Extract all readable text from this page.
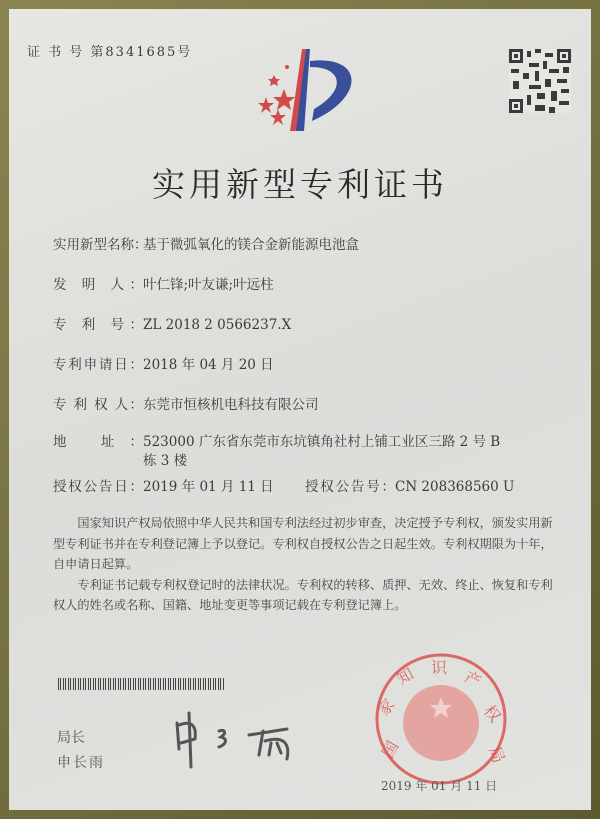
证 书 号 第8341685号
实用新型专利证书
实用新型名称：基于微弧氧化的镁合金新能源电池盒
发 明 人：叶仁锋;叶友谦;叶远柱
专 利 号：ZL 2018 2 0566237.X
专利申请日：2018 年 04 月 20 日
专 利 权 人：东莞市恒核机电科技有限公司
地 址：523000 广东省东莞市东坑镇角社村上铺工业区三路 2 号 B
栋 3 楼
授权公告日：2019 年 01 月 11 日 授权公告号：CN 208368560 U

国家知识产权局依照中华人民共和国专利法经过初步审查，决定授予专利权，颁发实用新型专利证书并在专利登记簿上予以登记。专利权自授权公告之日起生效。专利权期限为十年，自申请日起算。

专利证书记载专利权登记时的法律状况。专利权的转移、质押、无效、终止、恢复和专利权人的姓名或名称、国籍、地址变更等事项记载在专利登记簿上。

局长
申长雨
国
家
知 识 产
权
局
2019 年 01 月 11 日
